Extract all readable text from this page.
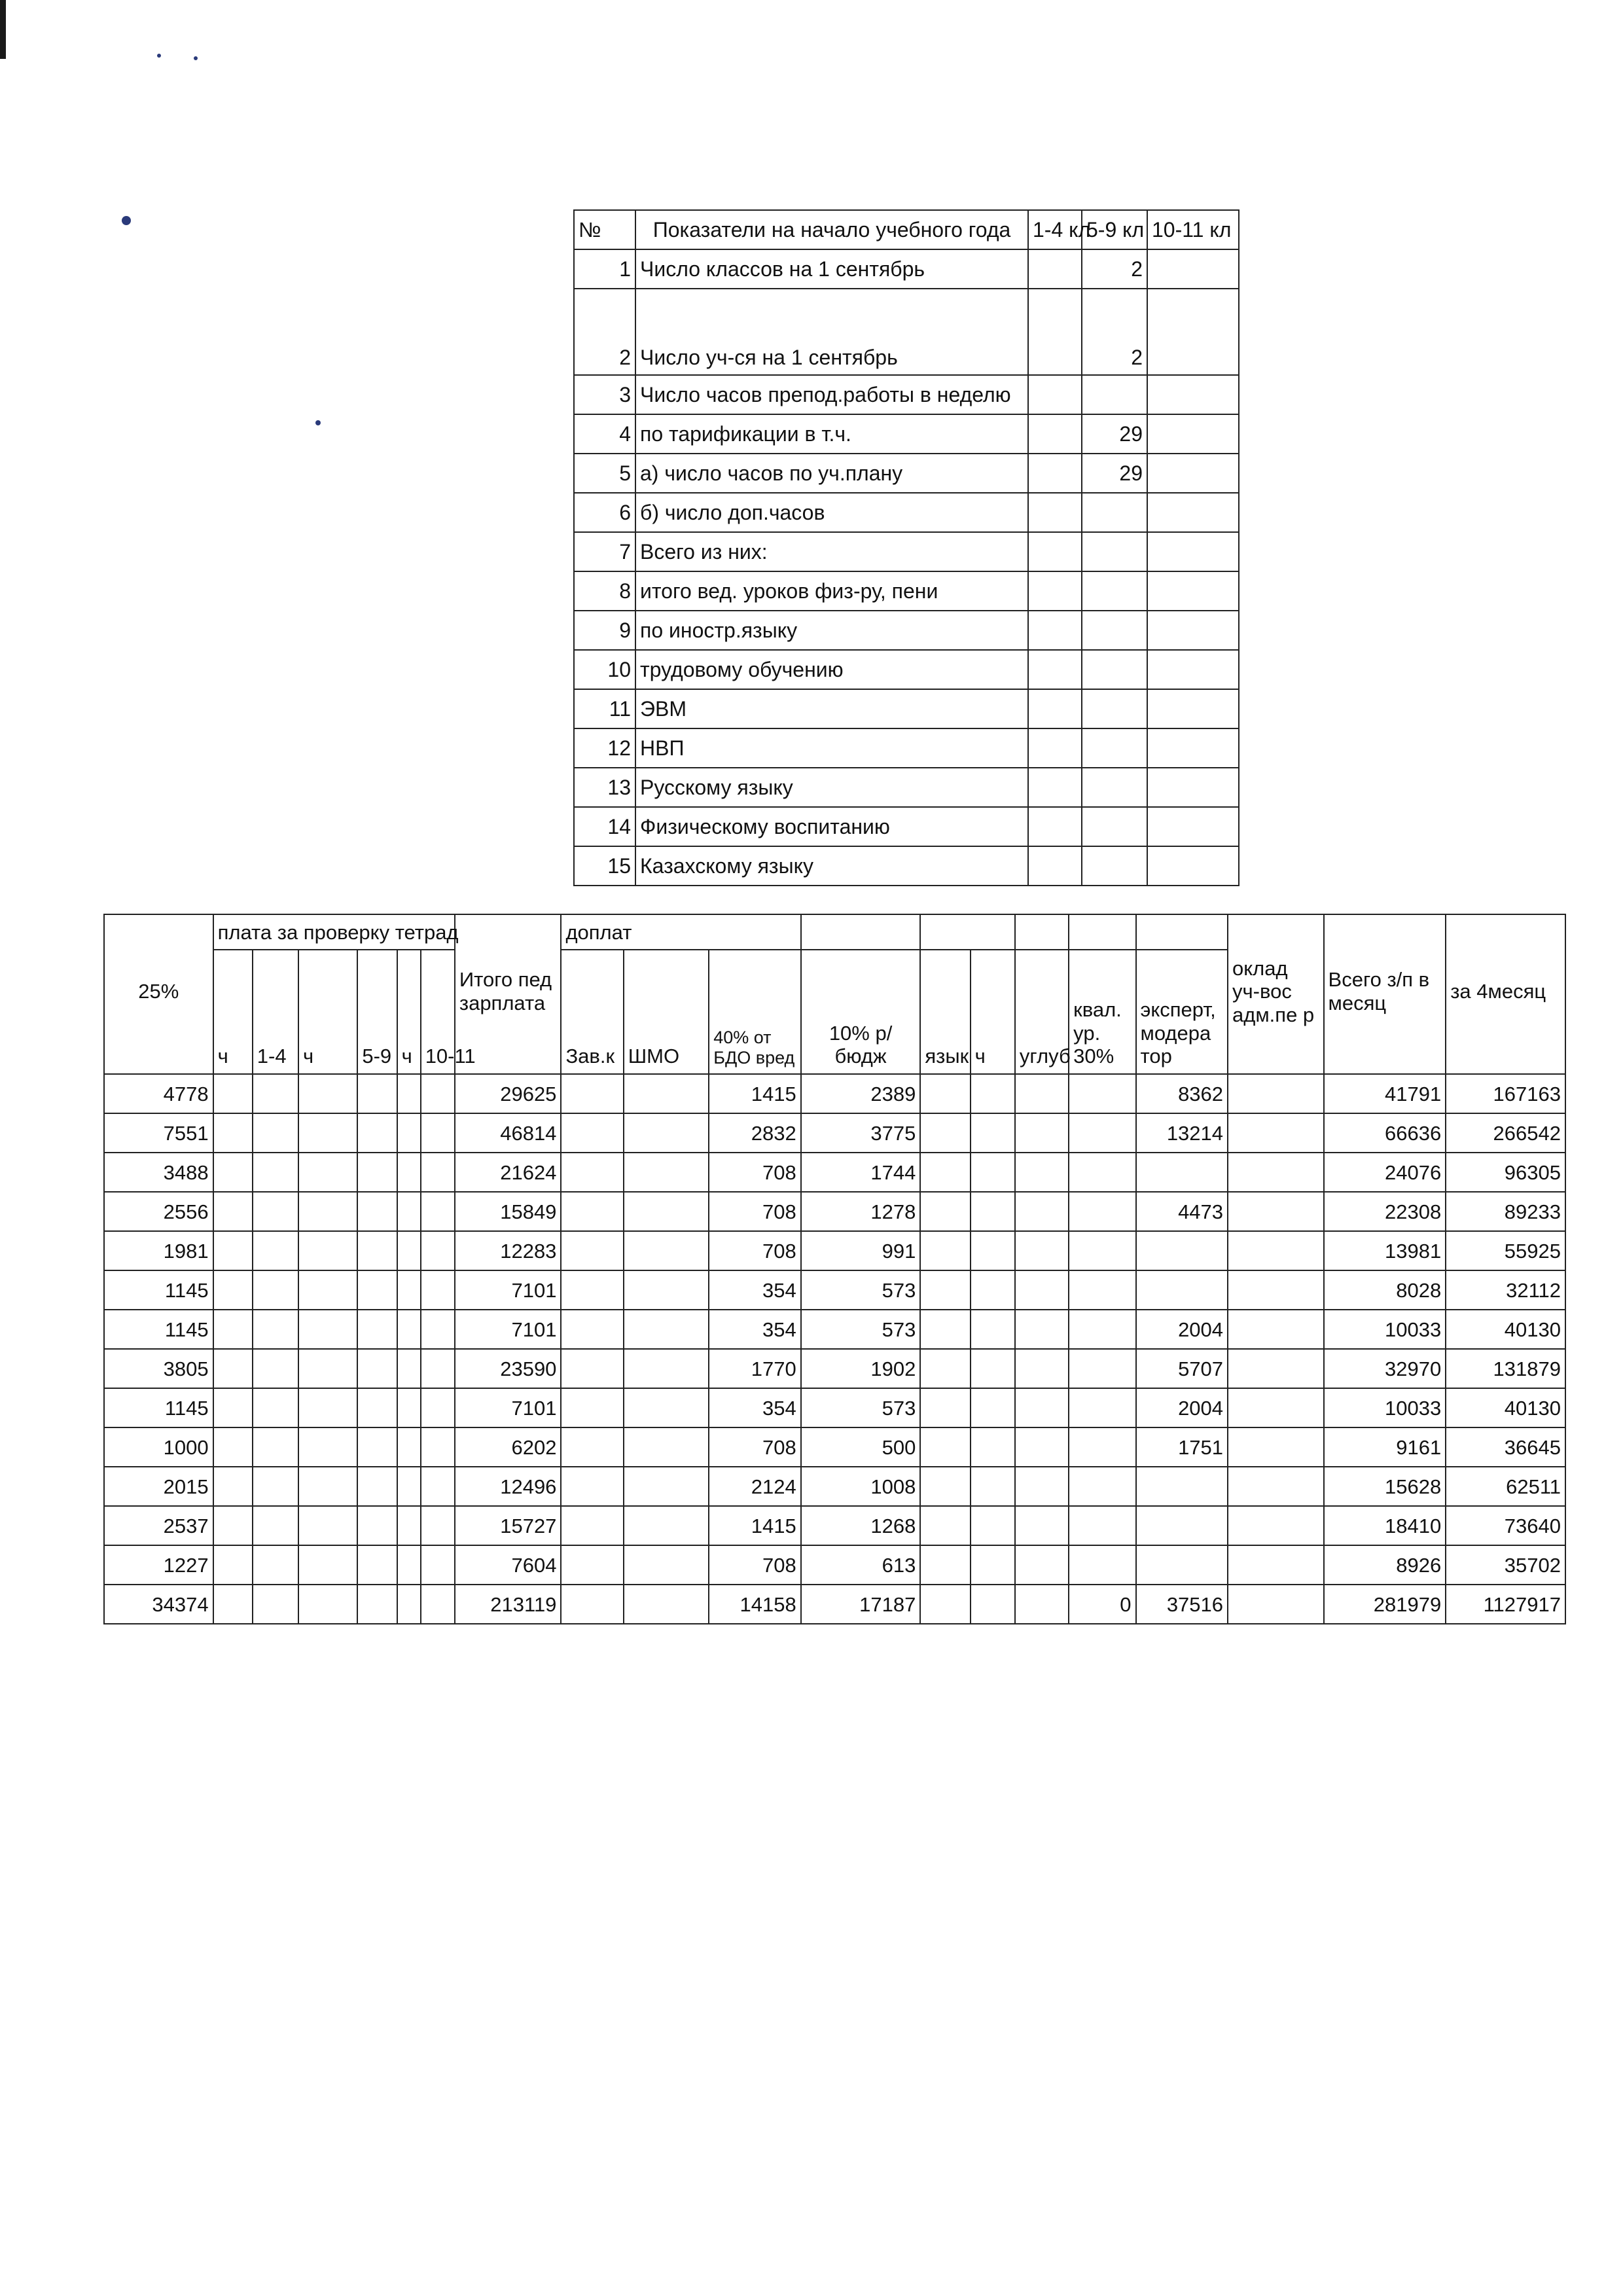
№	Показатели на начало учебного года	1-4 кл	5-9 кл	10-11 кл
1	Число классов на 1 сентябрь		2	
2	Число уч-ся на 1 сентябрь		2	
3	Число часов препод.работы в неделю			
4	по тарификации в т.ч.		29	
5	а) число часов по уч.плану		29	
6	б) число доп.часов			
7	Всего из них:			
8	итого вед. уроков физ-ру, пени			
9	по иностр.языку			
10	трудовому обучению			
11	ЭВМ			
12	НВП			
13	Русскому языку			
14	Физическому воспитанию			
15	Казахскому языку			
25%	плата за проверку тетрад						Итого пед зарплата	доплат									оклад уч-вос адм.пе р	Всего з/п в месяц	за 4месяц
	ч	1-4	ч	5-9	ч	10-11		Зав.к	ШМО	40% от БДО вред	10% р/бюдж	язык	ч	углуб	квал. ур. 30%	эксперт, модера тор			
4778							29625			1415	2389					8362		41791	167163
7551							46814			2832	3775					13214		66636	266542
3488							21624			708	1744							24076	96305
2556							15849			708	1278					4473		22308	89233
1981							12283			708	991							13981	55925
1145							7101			354	573							8028	32112
1145							7101			354	573					2004		10033	40130
3805							23590			1770	1902					5707		32970	131879
1145							7101			354	573					2004		10033	40130
1000							6202			708	500					1751		9161	36645
2015							12496			2124	1008							15628	62511
2537							15727			1415	1268							18410	73640
1227							7604			708	613							8926	35702
34374							213119			14158	17187				0	37516		281979	1127917
